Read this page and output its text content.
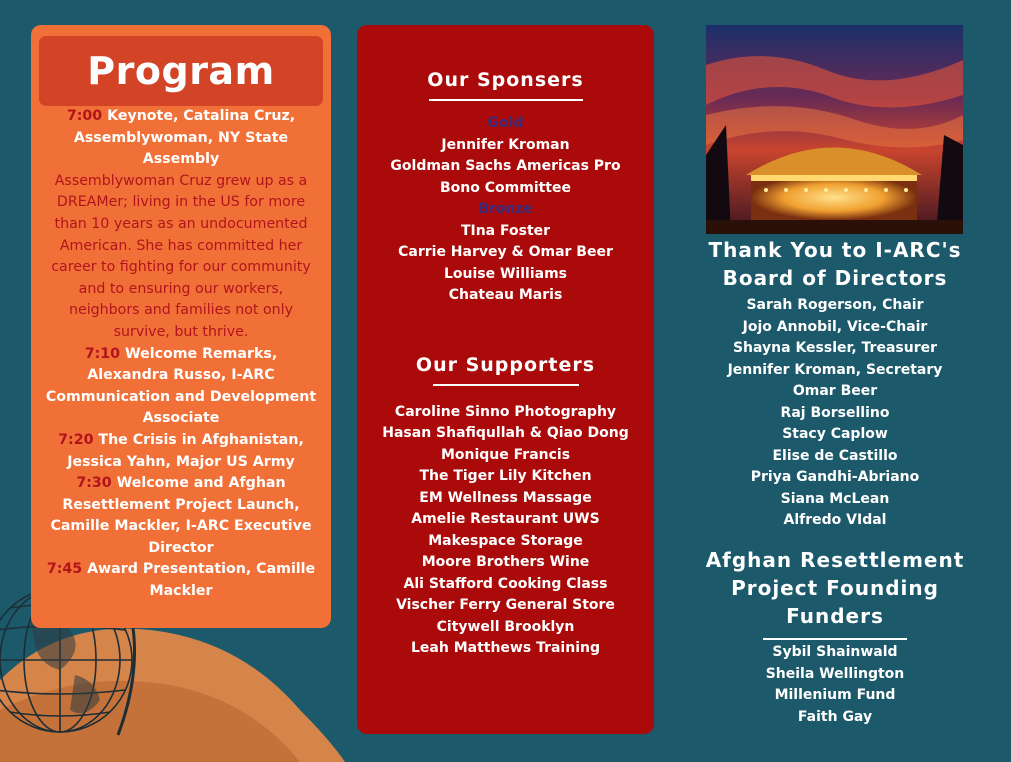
Program
7:00 Keynote, Catalina Cruz, Assemblywoman, NY State Assembly
Assemblywoman Cruz grew up as a DREAMer; living in the US for more than 10 years as an undocumented American. She has committed her career to fighting for our community and to ensuring our workers, neighbors and families not only survive, but thrive.
7:10 Welcome Remarks, Alexandra Russo, I-ARC Communication and Development Associate
7:20 The Crisis in Afghanistan, Jessica Yahn, Major US Army
7:30 Welcome and Afghan Resettlement Project Launch, Camille Mackler, I-ARC Executive Director
7:45 Award Presentation, Camille Mackler
Our Sponsers
Gold
Jennifer Kroman
Goldman Sachs Americas Pro
Bono Committee
Bronze
TIna Foster
Carrie Harvey & Omar Beer
Louise Williams
Chateau Maris
Our Supporters
Caroline Sinno Photography
Hasan Shafiqullah & Qiao Dong
Monique Francis
The Tiger Lily Kitchen
EM Wellness Massage
Amelie Restaurant UWS
Makespace Storage
Moore Brothers Wine
Ali Stafford Cooking Class
Vischer Ferry General Store
Citywell Brooklyn
Leah Matthews Training
Thank You to I-ARC's
Board of Directors
Sarah Rogerson, Chair
Jojo Annobil, Vice-Chair
Shayna Kessler, Treasurer
Jennifer Kroman, Secretary
Omar Beer
Raj Borsellino
Stacy Caplow
Elise de Castillo
Priya Gandhi-Abriano
Siana McLean
Alfredo VIdal
Afghan Resettlement
Project Founding
Funders
Sybil Shainwald
Sheila Wellington
Millenium Fund
Faith Gay
